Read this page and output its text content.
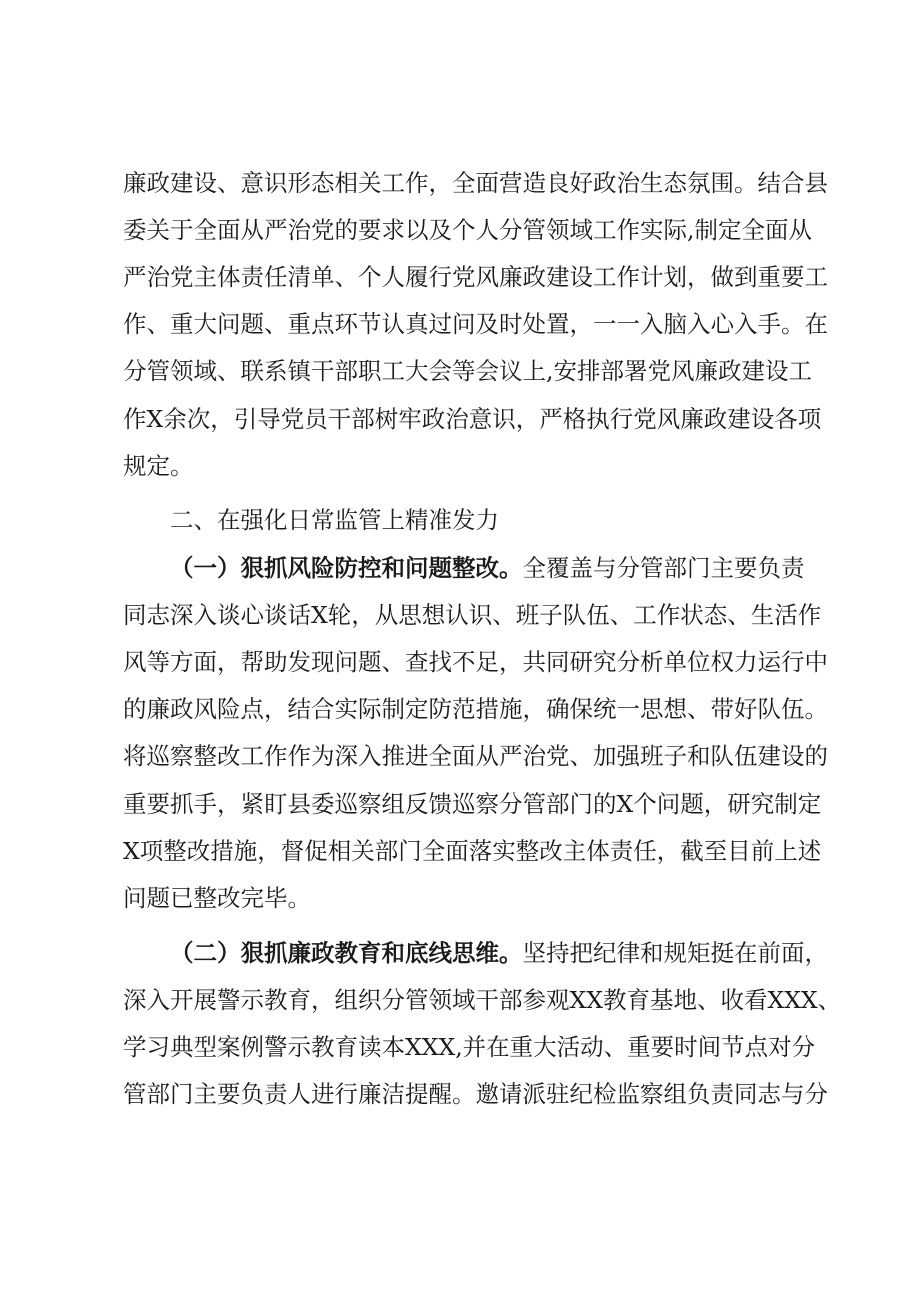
廉政建设、意识形态相关工作，全面营造良好政治生态氛围。结合县
委关于全面从严治党的要求以及个人分管领域工作实际,制定全面从
严治党主体责任清单、个人履行党风廉政建设工作计划，做到重要工
作、重大问题、重点环节认真过问及时处置，一一入脑入心入手。在
分管领域、联系镇干部职工大会等会议上,安排部署党风廉政建设工
作X余次，引导党员干部树牢政治意识，严格执行党风廉政建设各项
规定。
二、在强化日常监管上精准发力
（一）狠抓风险防控和问题整改。全覆盖与分管部门主要负责
同志深入谈心谈话X轮，从思想认识、班子队伍、工作状态、生活作
风等方面，帮助发现问题、查找不足，共同研究分析单位权力运行中
的廉政风险点，结合实际制定防范措施，确保统一思想、带好队伍。
将巡察整改工作作为深入推进全面从严治党、加强班子和队伍建设的
重要抓手，紧盯县委巡察组反馈巡察分管部门的X个问题，研究制定
X项整改措施，督促相关部门全面落实整改主体责任，截至目前上述
问题已整改完毕。
（二）狠抓廉政教育和底线思维。坚持把纪律和规矩挺在前面，
深入开展警示教育，组织分管领域干部参观XX教育基地、收看XXX、
学习典型案例警示教育读本XXX,并在重大活动、重要时间节点对分
管部门主要负责人进行廉洁提醒。邀请派驻纪检监察组负责同志与分
